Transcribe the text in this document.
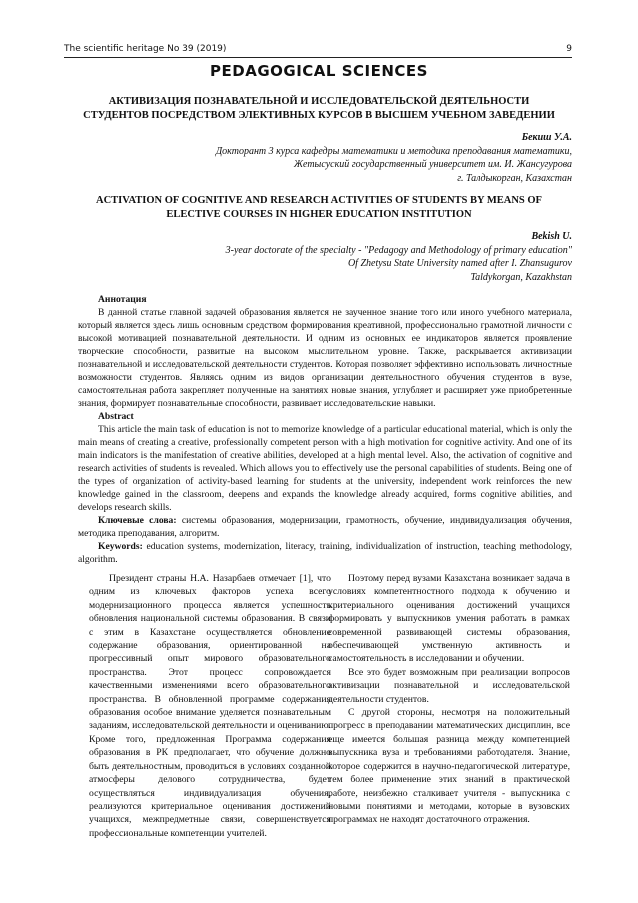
The scientific heritage No 39 (2019)	9
PEDAGOGICAL SCIENCES
АКТИВИЗАЦИЯ ПОЗНАВАТЕЛЬНОЙ И ИССЛЕДОВАТЕЛЬСКОЙ ДЕЯТЕЛЬНОСТИ
СТУДЕНТОВ ПОСРЕДСТВОМ ЭЛЕКТИВНЫХ КУРСОВ В ВЫСШЕМ УЧЕБНОМ ЗАВЕДЕНИИ
Бекиш У.А.
Докторант 3 курса кафедры математики и методика преподавания математики,
Жетысуский государственный университет им. И. Жансугурова
г. Талдыкорган, Казахстан
ACTIVATION OF COGNITIVE AND RESEARCH ACTIVITIES OF STUDENTS BY MEANS OF
ELECTIVE COURSES IN HIGHER EDUCATION INSTITUTION
Bekish U.
3-year doctorate of the specialty - "Pedagogy and Methodology of primary education"
Of Zhetysu State University named after I. Zhansugurov
Taldykorgan, Kazakhstan

Аннотация

В данной статье главной задачей образования является не заученное знание того или иного учебного материала, который является здесь лишь основным средством формирования креативной, профессионально грамотной личности с высокой мотивацией познавательной деятельности. И одним из основных ее индикаторов является проявление творческие способности, развитые на высоком мыслительном уровне. Также, раскрывается активизации познавательной и исследовательской деятельности студентов. Которая позволяет эффективно использовать личностные возможности студентов. Являясь одним из видов организации деятельностного обучения студентов в вузе, самостоятельная работа закрепляет полученные на занятиях новые знания, углубляет и расширяет уже приобретенные знания, формирует познавательные способности, развивает исследовательские навыки.

Abstract

This article the main task of education is not to memorize knowledge of a particular educational material, which is only the main means of creating a creative, professionally competent person with a high motivation for cognitive activity. And one of its main indicators is the manifestation of creative abilities, developed at a high mental level. Also, the activation of cognitive and research activities of students is revealed. Which allows you to effectively use the personal capabilities of students. Being one of the types of organization of activity-based learning for students at the university, independent work reinforces the new knowledge gained in the classroom, deepens and expands the knowledge already acquired, forms cognitive abilities, and develops research skills.

Ключевые слова: системы образования, модернизации, грамотность, обучение, индивидуализация обучения, методика преподавания, алгоритм.

Keywords: education systems, modernization, literacy, training, individualization of instruction, teaching methodology, algorithm.

Президент страны Н.А. Назарбаев отмечает [1], что одним из ключевых факторов успеха всего модернизационного процесса является успешность обновления национальной системы образования. В связи с этим в Казахстане осуществляется обновление содержание образования, ориентированной на прогрессивный опыт мирового образовательного пространства. Этот процесс сопровождается качественными изменениями всего образовательного пространства. В обновленной программе содержания образования особое внимание уделяется познавательным заданиям, исследовательской деятельности и оцениванию. Кроме того, предложенная Программа содержания образования в РК предполагает, что обучение должно быть деятельностным, проводиться в условиях созданной атмосферы делового сотрудничества, будет осуществляться индивидуализация обучения, реализуются критериальное оценивания достижений учащихся, межпредметные связи, совершенствуется профессиональные компетенции учителей.

Поэтому перед вузами Казахстана возникает задача в условиях компетентностного подхода к обучению и критериального оценивания достижений учащихся формировать у выпускников умения работать в рамках современной развивающей системы образования, обеспечивающей умственную активность и самостоятельность в исследовании и обучении.

Все это будет возможным при реализации вопросов активизации познавательной и исследовательской деятельности студентов.

С другой стороны, несмотря на положительный прогресс в преподавании математических дисциплин, все еще имеется большая разница между компетенцией выпускника вуза и требованиями работодателя. Знание, которое содержится в научно-педагогической литературе, тем более применение этих знаний в практической работе, неизбежно сталкивает учителя - выпускника с новыми понятиями и методами, которые в вузовских программах не находят достаточного отражения.
